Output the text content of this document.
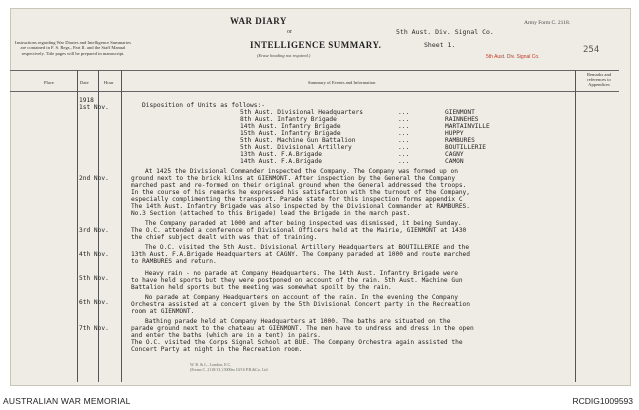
Instructions regarding War Diaries and Intelligence Summaries are contained in F. S. Regs., Part II. and the Staff Manual respectively. Title pages will be prepared in manuscript.
WAR DIARY
or
INTELLIGENCE SUMMARY.
(Erase heading not required.)
5th Aust. Div. Signal Co.
Sheet 1.
Army Form C. 2118.
254
5th Aust. Div. Signal Co.
Place	Date	Hour	Summary of Events and Information
Remarks and references to Appendices
1918
1st Nov.	Disposition of Units as follows:-
5th Aust. Divisional Headquarters	...	GIENMONT
8th Aust. Infantry Brigade	...	RAINNEHES
14th Aust. Infantry Brigade	...	MARTAINVILLE
15th Aust. Infantry Brigade	...	HUPPY
5th Aust. Machine Gun Battalion	...	RAMBURES
5th Aust. Divisional Artillery	...	BOUTILLERIE
13th Aust. F.A.Brigade	...	CAGNY
14th Aust. F.A.Brigade	...	CAMON
2nd Nov.
At 1425 the Divisional Commander inspected the Company. The Company was formed up on
ground next to the brick kilns at GIENMONT. After inspection by the General the Company
marched past and re-formed on their original ground when the General addressed the troops.
In the course of his remarks he expressed his satisfaction with the turnout of the Company,
especially complimenting the transport. Parade state for this inspection forms appendix C
The 14th Aust. Infantry Brigade was also inspected by the Divisional Commander at RAMBURES.
No.3 Section (attached to this Brigade) lead the Brigade in the march past.
3rd Nov.
The Company paraded at 1000 and after being inspected was dismissed, it being Sunday.
The O.C. attended a conference of Divisional Officers held at the Mairie, GIENMONT at 1430
the chief subject dealt with was that of training.
4th Nov.
The O.C. visited the 5th Aust. Divisional Artillery Headquarters at BOUTILLERIE and the
13th Aust. F.A.Brigade Headquarters at CAGNY. The Company paraded at 1000 and route marched
to RAMBURES and return.
5th Nov.
Heavy rain - no parade at Company Headquarters. The 14th Aust. Infantry Brigade were
to have held sports but they were postponed on account of the rain. 5th Aust. Machine Gun
Battalion held sports but the meeting was somewhat spoilt by the rain.
6th Nov.
No parade at Company Headquarters on account of the rain. In the evening the Company
Orchestra assisted at a concert given by the 5th Divisional Concert party in the Recreation
room at GIENMONT.
7th Nov.
Bathing parade held at Company Headquarters at 1000. The baths are situated on the
parade ground next to the chateau at GIENMONT. The men have to undress and dress in the open
and enter the baths (which are in a tent) in pairs.
The O.C. visited the Corps Signal School at BUE. The Company Orchestra again assisted the
Concert Party at night in the Recreation room.
W. R. & L., London, E.C.
(Forms C. 2118/13.) 5000m 10/16 P.B.&Co. Ltd
AUSTRALIAN WAR MEMORIAL	RCDIG1009593
